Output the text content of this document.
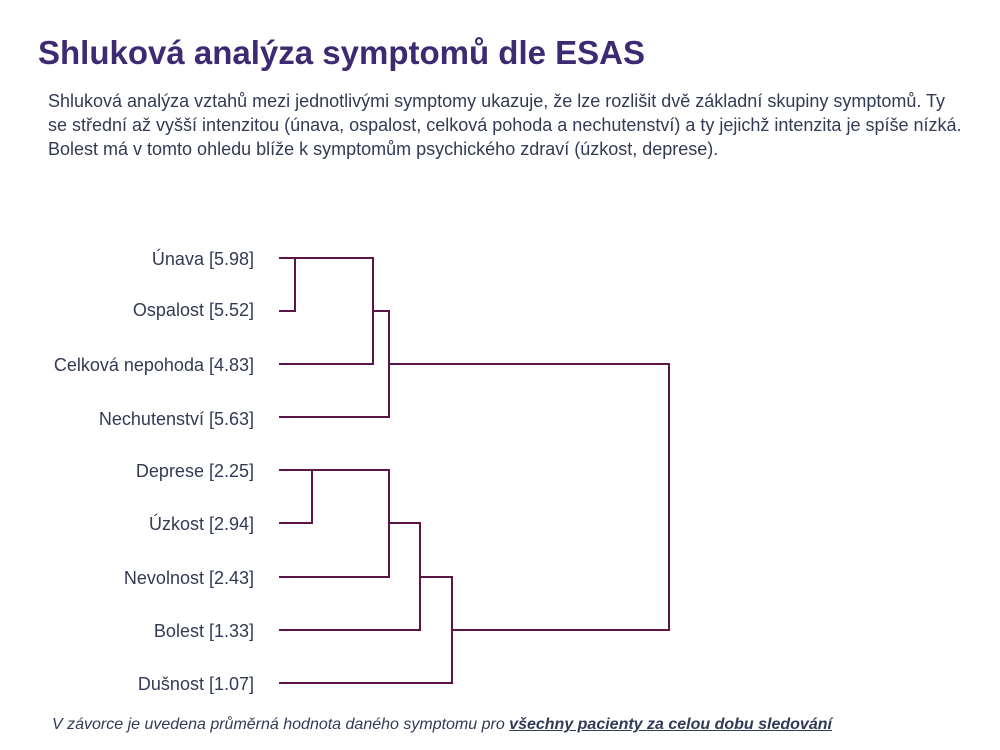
Shluková analýza symptomů dle ESAS

Shluková analýza vztahů mezi jednotlivými symptomy ukazuje, že lze rozlišit dvě základní skupiny symptomů. Ty se střední až vyšší intenzitou (únava, ospalost, celková pohoda a nechutenství) a ty jejichž intenzita je spíše nízká.

Bolest má v tomto ohledu blíže k symptomům psychického zdraví (úzkost, deprese).

Únava [5.98]
Ospalost [5.52]
Celková nepohoda [4.83]
Nechutenství [5.63]
Deprese [2.25]
Úzkost [2.94]
Nevolnost [2.43]
Bolest [1.33]
Dušnost [1.07]
V závorce je uvedena průměrná hodnota daného symptomu pro všechny pacienty za celou dobu sledování
